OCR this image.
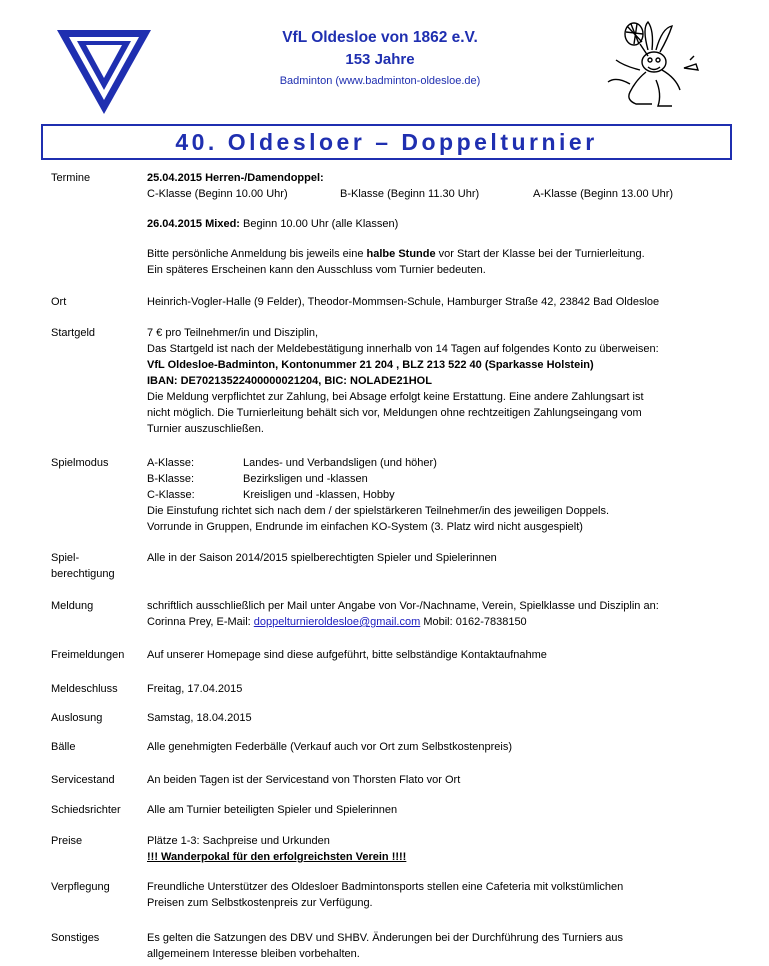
VfL Oldesloe von 1862 e.V.
153 Jahre
Badminton (www.badminton-oldesloe.de)
40. Oldesloer – Doppelturnier
Termine	25.04.2015 Herren-/Damendoppel:
C-Klasse (Beginn 10.00 Uhr)	B-Klasse (Beginn 11.30 Uhr)	A-Klasse (Beginn 13.00 Uhr)
26.04.2015 Mixed: Beginn 10.00 Uhr (alle Klassen)
Bitte persönliche Anmeldung bis jeweils eine halbe Stunde vor Start der Klasse bei der Turnierleitung.
Ein späteres Erscheinen kann den Ausschluss vom Turnier bedeuten.
Ort	Heinrich-Vogler-Halle (9 Felder), Theodor-Mommsen-Schule, Hamburger Straße 42, 23842 Bad Oldesloe
Startgeld	7 € pro Teilnehmer/in und Disziplin,
Das Startgeld ist nach der Meldebestätigung innerhalb von 14 Tagen auf folgendes Konto zu überweisen:
VfL Oldesloe-Badminton, Kontonummer 21 204 , BLZ 213 522 40 (Sparkasse Holstein)
IBAN: DE70213522400000021204, BIC: NOLADE21HOL
Die Meldung verpflichtet zur Zahlung, bei Absage erfolgt keine Erstattung. Eine andere Zahlungsart ist
nicht möglich. Die Turnierleitung behält sich vor, Meldungen ohne rechtzeitigen Zahlungseingang vom
Turnier auszuschließen.
Spielmodus	A-Klasse:	Landes- und Verbandsligen (und höher)
B-Klasse:	Bezirksligen und -klassen
C-Klasse:	Kreisligen und -klassen, Hobby
Die Einstufung richtet sich nach dem / der spielstärkeren Teilnehmer/in des jeweiligen Doppels.
Vorrunde in Gruppen, Endrunde im einfachen KO-System (3. Platz wird nicht ausgespielt)
Spiel-
berechtigung
Alle in der Saison 2014/2015 spielberechtigten Spieler und Spielerinnen
Meldung	schriftlich ausschließlich per Mail unter Angabe von Vor-/Nachname, Verein, Spielklasse und Disziplin an:
Corinna Prey, E-Mail: doppelturnieroldesloe@gmail.com Mobil: 0162-7838150
Freimeldungen	Auf unserer Homepage sind diese aufgeführt, bitte selbständige Kontaktaufnahme
Meldeschluss	Freitag, 17.04.2015
Auslosung	Samstag, 18.04.2015
Bälle	Alle genehmigten Federbälle (Verkauf auch vor Ort zum Selbstkostenpreis)
Servicestand	An beiden Tagen ist der Servicestand von Thorsten Flato vor Ort
Schiedsrichter	Alle am Turnier beteiligten Spieler und Spielerinnen
Preise	Plätze 1-3: Sachpreise und Urkunden
!!! Wanderpokal für den erfolgreichsten Verein !!!!
Verpflegung	Freundliche Unterstützer des Oldesloer Badmintonsports stellen eine Cafeteria mit volkstümlichen
Preisen zum Selbstkostenpreis zur Verfügung.
Sonstiges	Es gelten die Satzungen des DBV und SHBV. Änderungen bei der Durchführung des Turniers aus
allgemeinem Interesse bleiben vorbehalten.
